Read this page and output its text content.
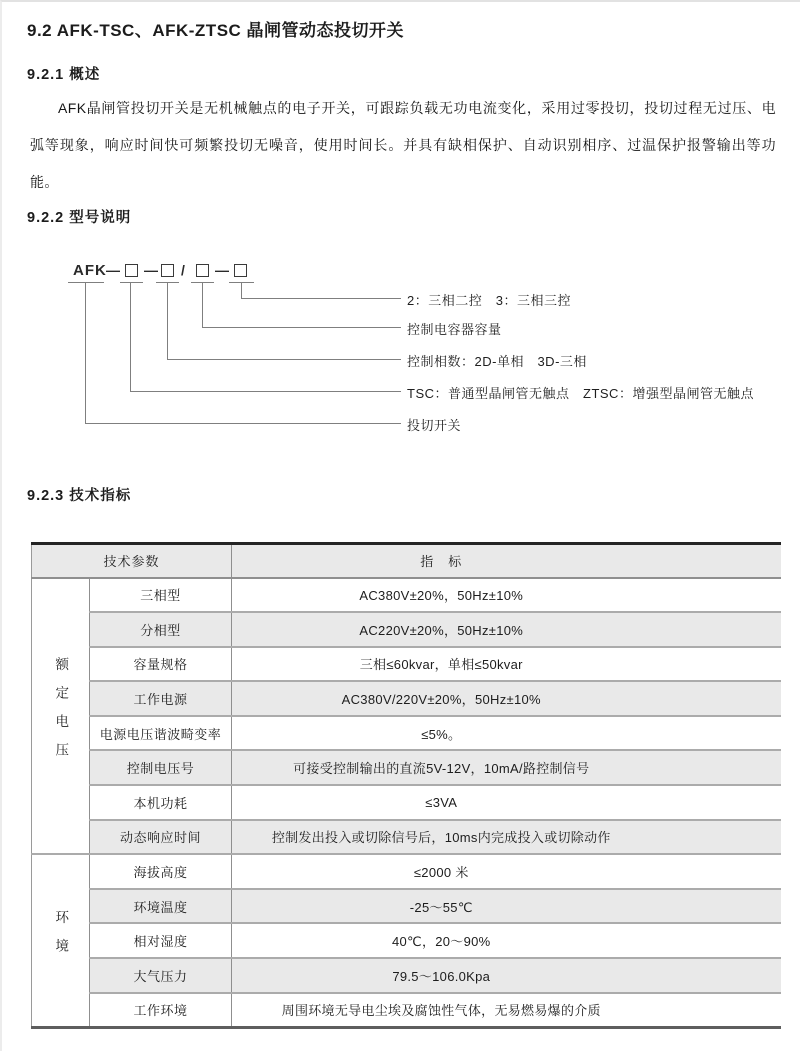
9.2 AFK-TSC、AFK-ZTSC 晶闸管动态投切开关
9.2.1 概述

AFK晶闸管投切开关是无机械触点的电子开关，可跟踪负载无功电流变化，采用过零投切，投切过程无过压、电弧等现象，响应时间快可频繁投切无噪音，使用时间长。并具有缺相保护、自动识别相序、过温保护报警输出等功能。

9.2.2 型号说明
AFK — — / —
2：三相二控　3：三相三控
控制电容器容量
控制相数：2D-单相　3D-三相
TSC：普通型晶闸管无触点　ZTSC：增强型晶闸管无触点
投切开关
9.2.3 技术指标
技术参数		指　标
额定电压	三相型	AC380V±20%，50Hz±10%
	分相型	AC220V±20%，50Hz±10%
	容量规格	三相≤60kvar，单相≤50kvar
	工作电源	AC380V/220V±20%，50Hz±10%
	电源电压谐波畸变率	≤5%。
	控制电压号	可接受控制输出的直流5V-12V，10mA/路控制信号
	本机功耗	≤3VA
	动态响应时间	控制发出投入或切除信号后，10ms内完成投入或切除动作
环境	海拔高度	≤2000 米
	环境温度	-25～55℃
	相对湿度	40℃，20～90%
	大气压力	79.5～106.0Kpa
	工作环境	周围环境无导电尘埃及腐蚀性气体，无易燃易爆的介质
